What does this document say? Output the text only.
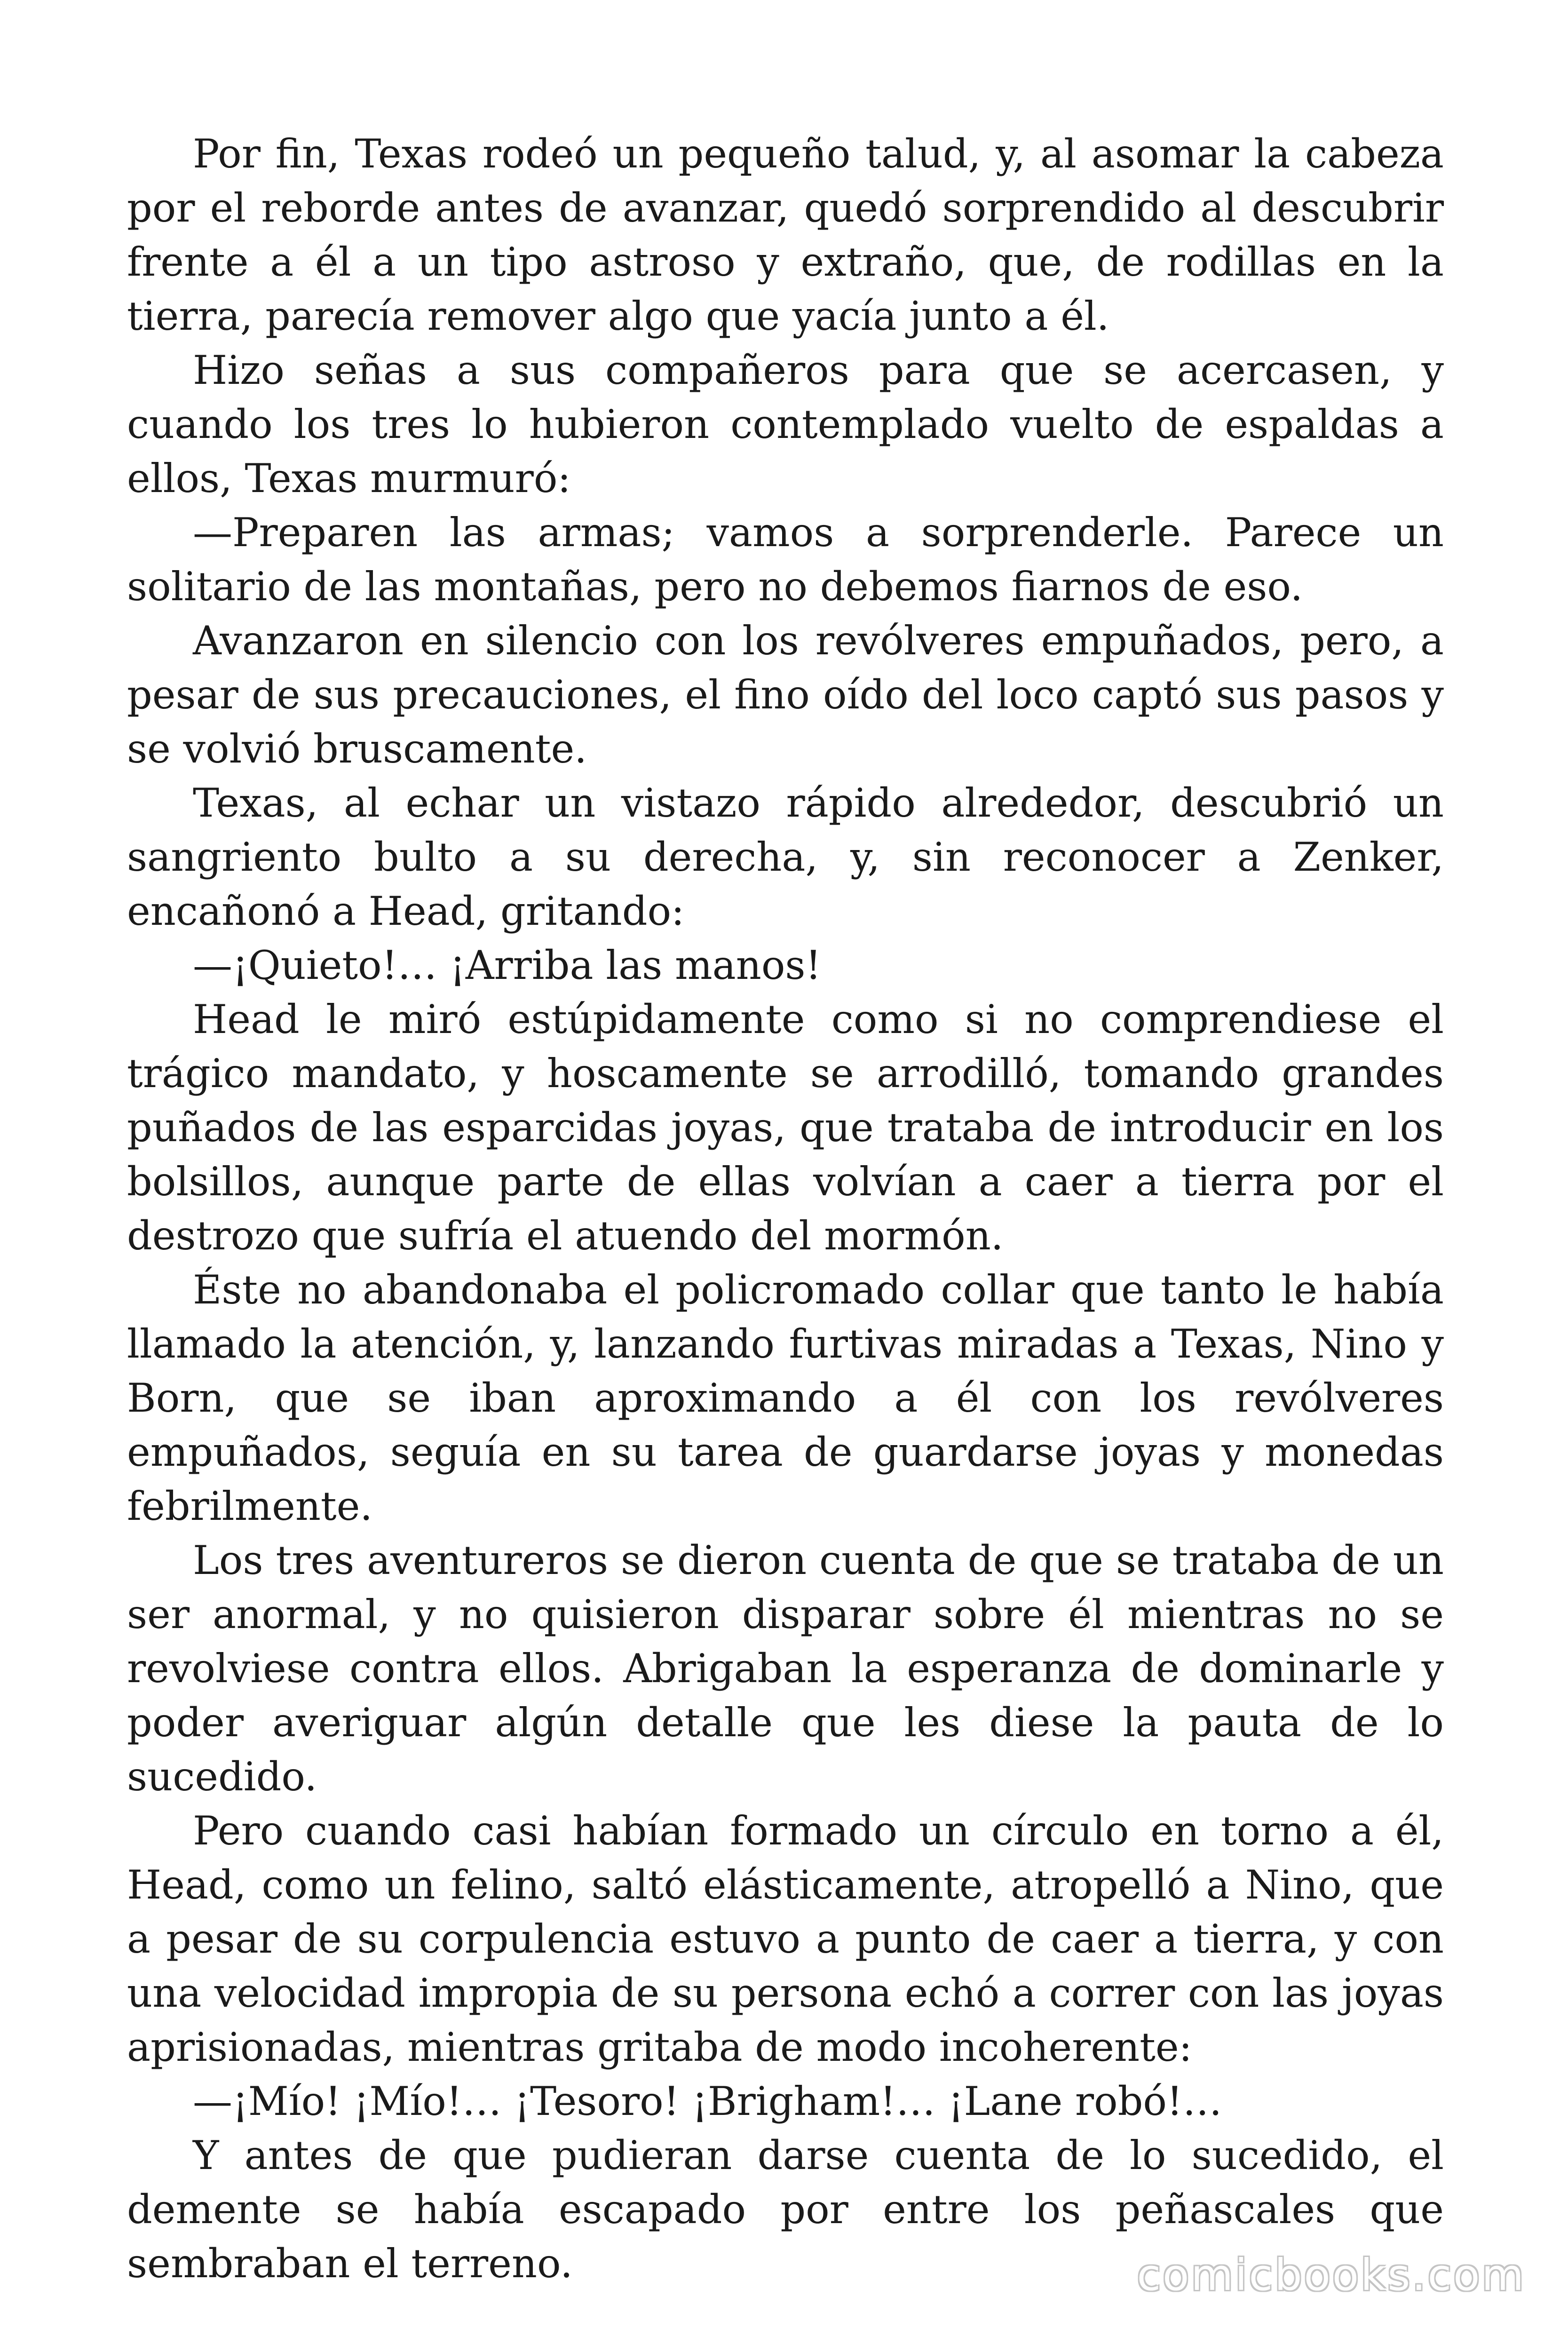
Por fin, Texas rodeó un pequeño talud, y, al asomar la cabeza por el reborde antes de avanzar, quedó sorprendido al descubrir frente a él a un tipo astroso y extraño, que, de rodillas en la tierra, parecía remover algo que yacía junto a él.

Hizo señas a sus compañeros para que se acercasen, y cuando los tres lo hubieron contemplado vuelto de espaldas a ellos, Texas murmuró:

—Preparen las armas; vamos a sorprenderle. Parece un solitario de las montañas, pero no debemos fiarnos de eso.

Avanzaron en silencio con los revólveres empuñados, pero, a pesar de sus precauciones, el fino oído del loco captó sus pasos y se volvió bruscamente.

Texas, al echar un vistazo rápido alrededor, descubrió un sangriento bulto a su derecha, y, sin reconocer a Zenker, encañonó a Head, gritando:

—¡Quieto!… ¡Arriba las manos!

Head le miró estúpidamente como si no comprendiese el trágico mandato, y hoscamente se arrodilló, tomando grandes puñados de las esparcidas joyas, que trataba de introducir en los bolsillos, aunque parte de ellas volvían a caer a tierra por el destrozo que sufría el atuendo del mormón.

Éste no abandonaba el policromado collar que tanto le había llamado la atención, y, lanzando furtivas miradas a Texas, Nino y Born, que se iban aproximando a él con los revólveres empuñados, seguía en su tarea de guardarse joyas y monedas febrilmente.

Los tres aventureros se dieron cuenta de que se trataba de un ser anormal, y no quisieron disparar sobre él mientras no se revolviese contra ellos. Abrigaban la esperanza de dominarle y poder averiguar algún detalle que les diese la pauta de lo sucedido.

Pero cuando casi habían formado un círculo en torno a él, Head, como un felino, saltó elásticamente, atropelló a Nino, que a pesar de su corpulencia estuvo a punto de caer a tierra, y con una velocidad impropia de su persona echó a correr con las joyas aprisionadas, mientras gritaba de modo incoherente:

—¡Mío! ¡Mío!… ¡Tesoro! ¡Brigham!… ¡Lane robó!…

Y antes de que pudieran darse cuenta de lo sucedido, el demente se había escapado por entre los peñascales que sembraban el terreno.	comicbooks.com
